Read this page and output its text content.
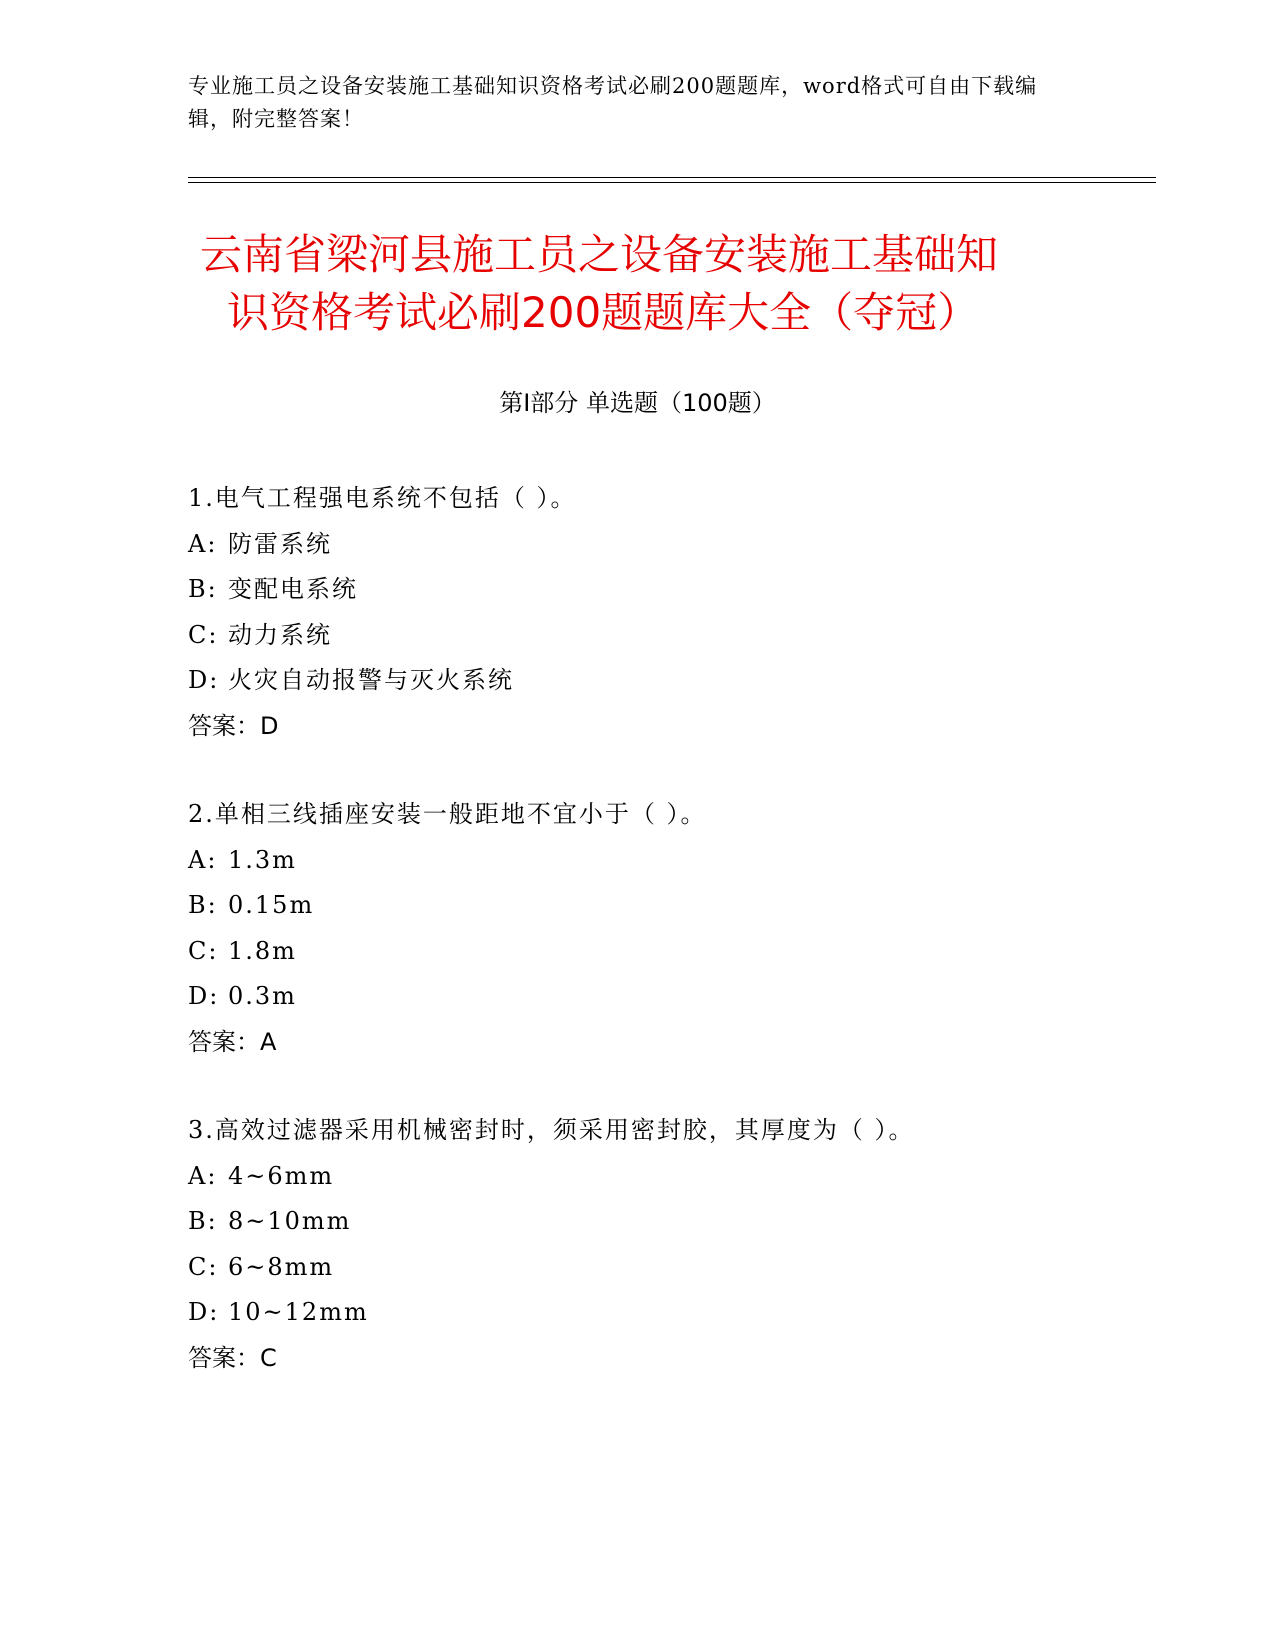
专业施工员之设备安装施工基础知识资格考试必刷200题题库，word格式可自由下载编辑，附完整答案！
云南省梁河县施工员之设备安装施工基础知
识资格考试必刷200题题库大全（夺冠）
第Ⅰ部分 单选题（100题）
1.电气工程强电系统不包括（ ）。
A: 防雷系统
B: 变配电系统
C: 动力系统
D: 火灾自动报警与灭火系统
答案：D
2.单相三线插座安装一般距地不宜小于（ ）。
A: 1.3m
B: 0.15m
C: 1.8m
D: 0.3m
答案：A
3.高效过滤器采用机械密封时，须采用密封胶，其厚度为（ ）。
A: 4~6mm
B: 8~10mm
C: 6~8mm
D: 10~12mm
答案：C
